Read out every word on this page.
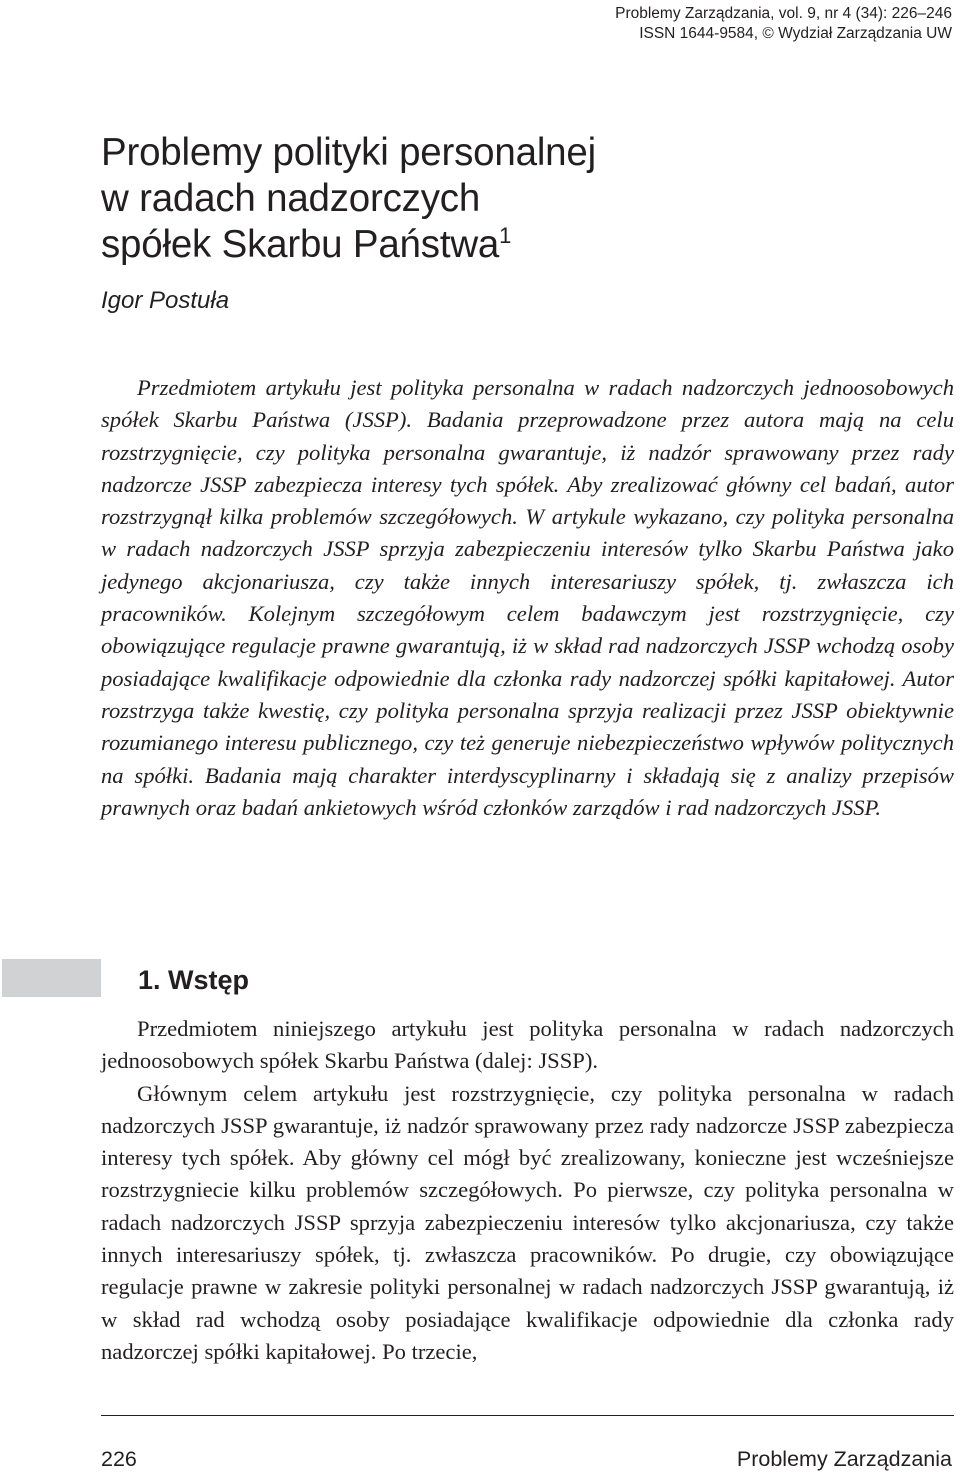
Problemy Zarządzania, vol. 9, nr 4 (34): 226–246
ISSN 1644-9584, © Wydział Zarządzania UW
Problemy polityki personalnej
w radach nadzorczych
spółek Skarbu Państwa$^1$
Igor Postuła

Przedmiotem artykułu jest polityka personalna w radach nadzorczych jednoosobowych spółek Skarbu Państwa (JSSP). Badania przeprowadzone przez autora mają na celu rozstrzygnięcie, czy polityka personalna gwarantuje, iż nadzór sprawowany przez rady nadzorcze JSSP zabezpiecza interesy tych spółek. Aby zrealizować główny cel badań, autor rozstrzygnął kilka problemów szczegółowych. W artykule wykazano, czy polityka personalna w radach nadzorczych JSSP sprzyja zabezpieczeniu interesów tylko Skarbu Państwa jako jedynego akcjonariusza, czy także innych interesariuszy spółek, tj. zwłaszcza ich pracowników. Kolejnym szczegółowym celem badawczym jest rozstrzygnięcie, czy obowiązujące regulacje prawne gwarantują, iż w skład rad nadzorczych JSSP wchodzą osoby posiadające kwalifikacje odpowiednie dla członka rady nadzorczej spółki kapitałowej. Autor rozstrzyga także kwestię, czy polityka personalna sprzyja realizacji przez JSSP obiektywnie rozumianego interesu publicznego, czy też generuje niebezpieczeństwo wpływów politycznych na spółki. Badania mają charakter interdyscyplinarny i składają się z analizy przepisów prawnych oraz badań ankietowych wśród członków zarządów i rad nadzorczych JSSP.

1. Wstęp

Przedmiotem niniejszego artykułu jest polityka personalna w radach nadzorczych jednoosobowych spółek Skarbu Państwa (dalej: JSSP).

Głównym celem artykułu jest rozstrzygnięcie, czy polityka personalna w radach nadzorczych JSSP gwarantuje, iż nadzór sprawowany przez rady nadzorcze JSSP zabezpiecza interesy tych spółek. Aby główny cel mógł być zrealizowany, konieczne jest wcześniejsze rozstrzygniecie kilku problemów szczegółowych. Po pierwsze, czy polityka personalna w radach nadzorczych JSSP sprzyja zabezpieczeniu interesów tylko akcjonariusza, czy także innych interesariuszy spółek, tj. zwłaszcza pracowników. Po drugie, czy obowiązujące regulacje prawne w zakresie polityki personalnej w radach nadzorczych JSSP gwarantują, iż w skład rad wchodzą osoby posiadające kwalifikacje odpowiednie dla członka rady nadzorczej spółki kapitałowej. Po trzecie,

226	Problemy Zarządzania
